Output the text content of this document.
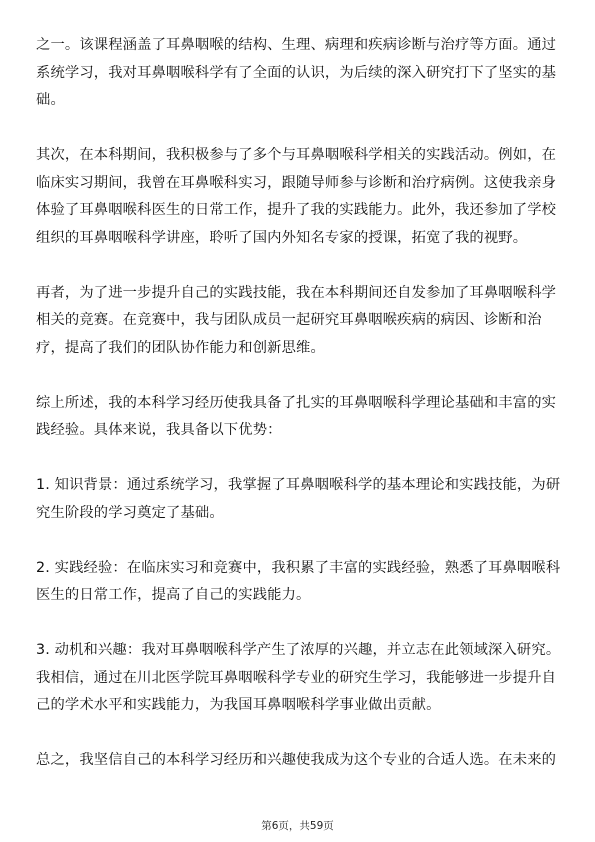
之一。该课程涵盖了耳鼻咽喉的结构、生理、病理和疾病诊断与治疗等方面。通过
系统学习，我对耳鼻咽喉科学有了全面的认识，为后续的深入研究打下了坚实的基
础。

其次，在本科期间，我积极参与了多个与耳鼻咽喉科学相关的实践活动。例如，在
临床实习期间，我曾在耳鼻喉科实习，跟随导师参与诊断和治疗病例。这使我亲身
体验了耳鼻咽喉科医生的日常工作，提升了我的实践能力。此外，我还参加了学校
组织的耳鼻咽喉科学讲座，聆听了国内外知名专家的授课，拓宽了我的视野。

再者，为了进一步提升自己的实践技能，我在本科期间还自发参加了耳鼻咽喉科学
相关的竞赛。在竞赛中，我与团队成员一起研究耳鼻咽喉疾病的病因、诊断和治
疗，提高了我们的团队协作能力和创新思维。

综上所述，我的本科学习经历使我具备了扎实的耳鼻咽喉科学理论基础和丰富的实
践经验。具体来说，我具备以下优势：

1. 知识背景：通过系统学习，我掌握了耳鼻咽喉科学的基本理论和实践技能，为研
究生阶段的学习奠定了基础。

2. 实践经验：在临床实习和竞赛中，我积累了丰富的实践经验，熟悉了耳鼻咽喉科
医生的日常工作，提高了自己的实践能力。

3. 动机和兴趣：我对耳鼻咽喉科学产生了浓厚的兴趣，并立志在此领域深入研究。
我相信，通过在川北医学院耳鼻咽喉科学专业的研究生学习，我能够进一步提升自
己的学术水平和实践能力，为我国耳鼻咽喉科学事业做出贡献。

总之，我坚信自己的本科学习经历和兴趣使我成为这个专业的合适人选。在未来的

第6页，共59页
